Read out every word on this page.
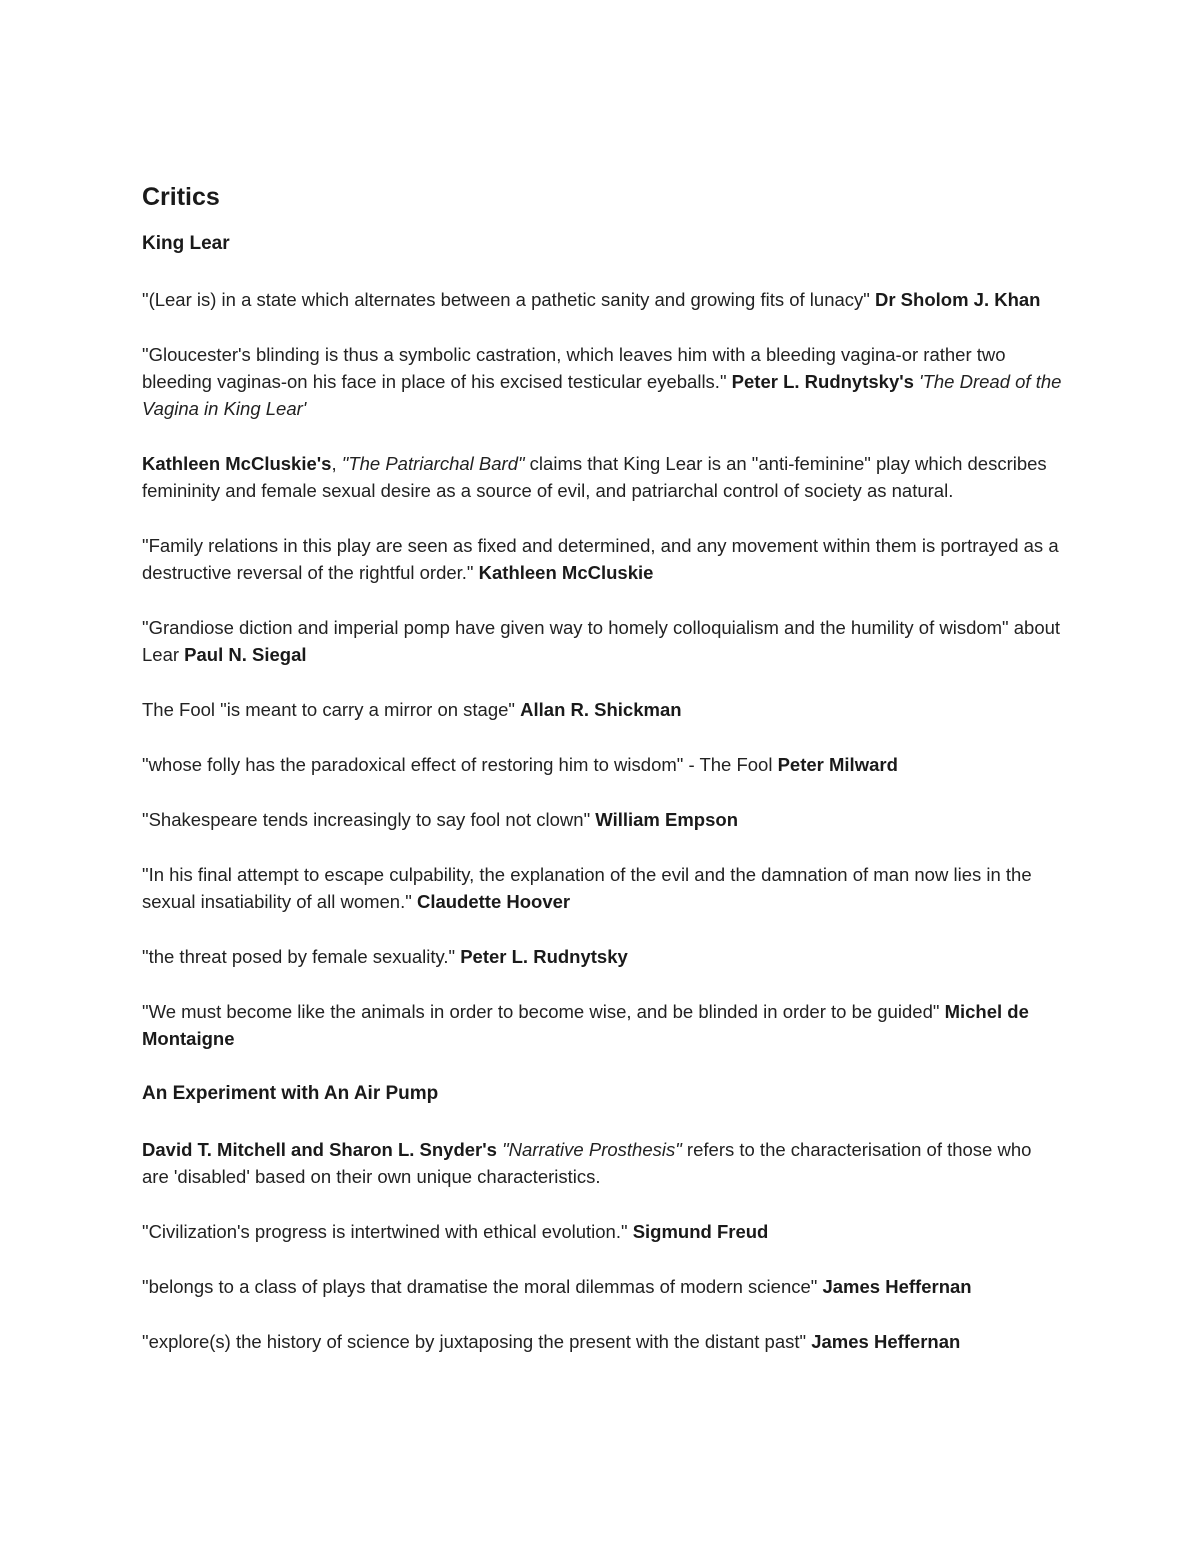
Critics
King Lear

"(Lear is) in a state which alternates between a pathetic sanity and growing fits of lunacy" Dr Sholom J. Khan

"Gloucester's blinding is thus a symbolic castration, which leaves him with a bleeding vagina-or rather two bleeding vaginas-on his face in place of his excised testicular eyeballs." Peter L. Rudnytsky's 'The Dread of the Vagina in King Lear'

Kathleen McCluskie's, "The Patriarchal Bard" claims that King Lear is an "anti-feminine" play which describes femininity and female sexual desire as a source of evil, and patriarchal control of society as natural.

"Family relations in this play are seen as fixed and determined, and any movement within them is portrayed as a destructive reversal of the rightful order." Kathleen McCluskie

"Grandiose diction and imperial pomp have given way to homely colloquialism and the humility of wisdom" about Lear Paul N. Siegal

The Fool "is meant to carry a mirror on stage" Allan R. Shickman

"whose folly has the paradoxical effect of restoring him to wisdom" - The Fool Peter Milward

"Shakespeare tends increasingly to say fool not clown" William Empson

"In his final attempt to escape culpability, the explanation of the evil and the damnation of man now lies in the sexual insatiability of all women." Claudette Hoover

"the threat posed by female sexuality." Peter L. Rudnytsky

"We must become like the animals in order to become wise, and be blinded in order to be guided" Michel de Montaigne

An Experiment with An Air Pump

David T. Mitchell and Sharon L. Snyder's "Narrative Prosthesis" refers to the characterisation of those who are 'disabled' based on their own unique characteristics.

"Civilization's progress is intertwined with ethical evolution." Sigmund Freud

"belongs to a class of plays that dramatise the moral dilemmas of modern science" James Heffernan

"explore(s) the history of science by juxtaposing the present with the distant past" James Heffernan
